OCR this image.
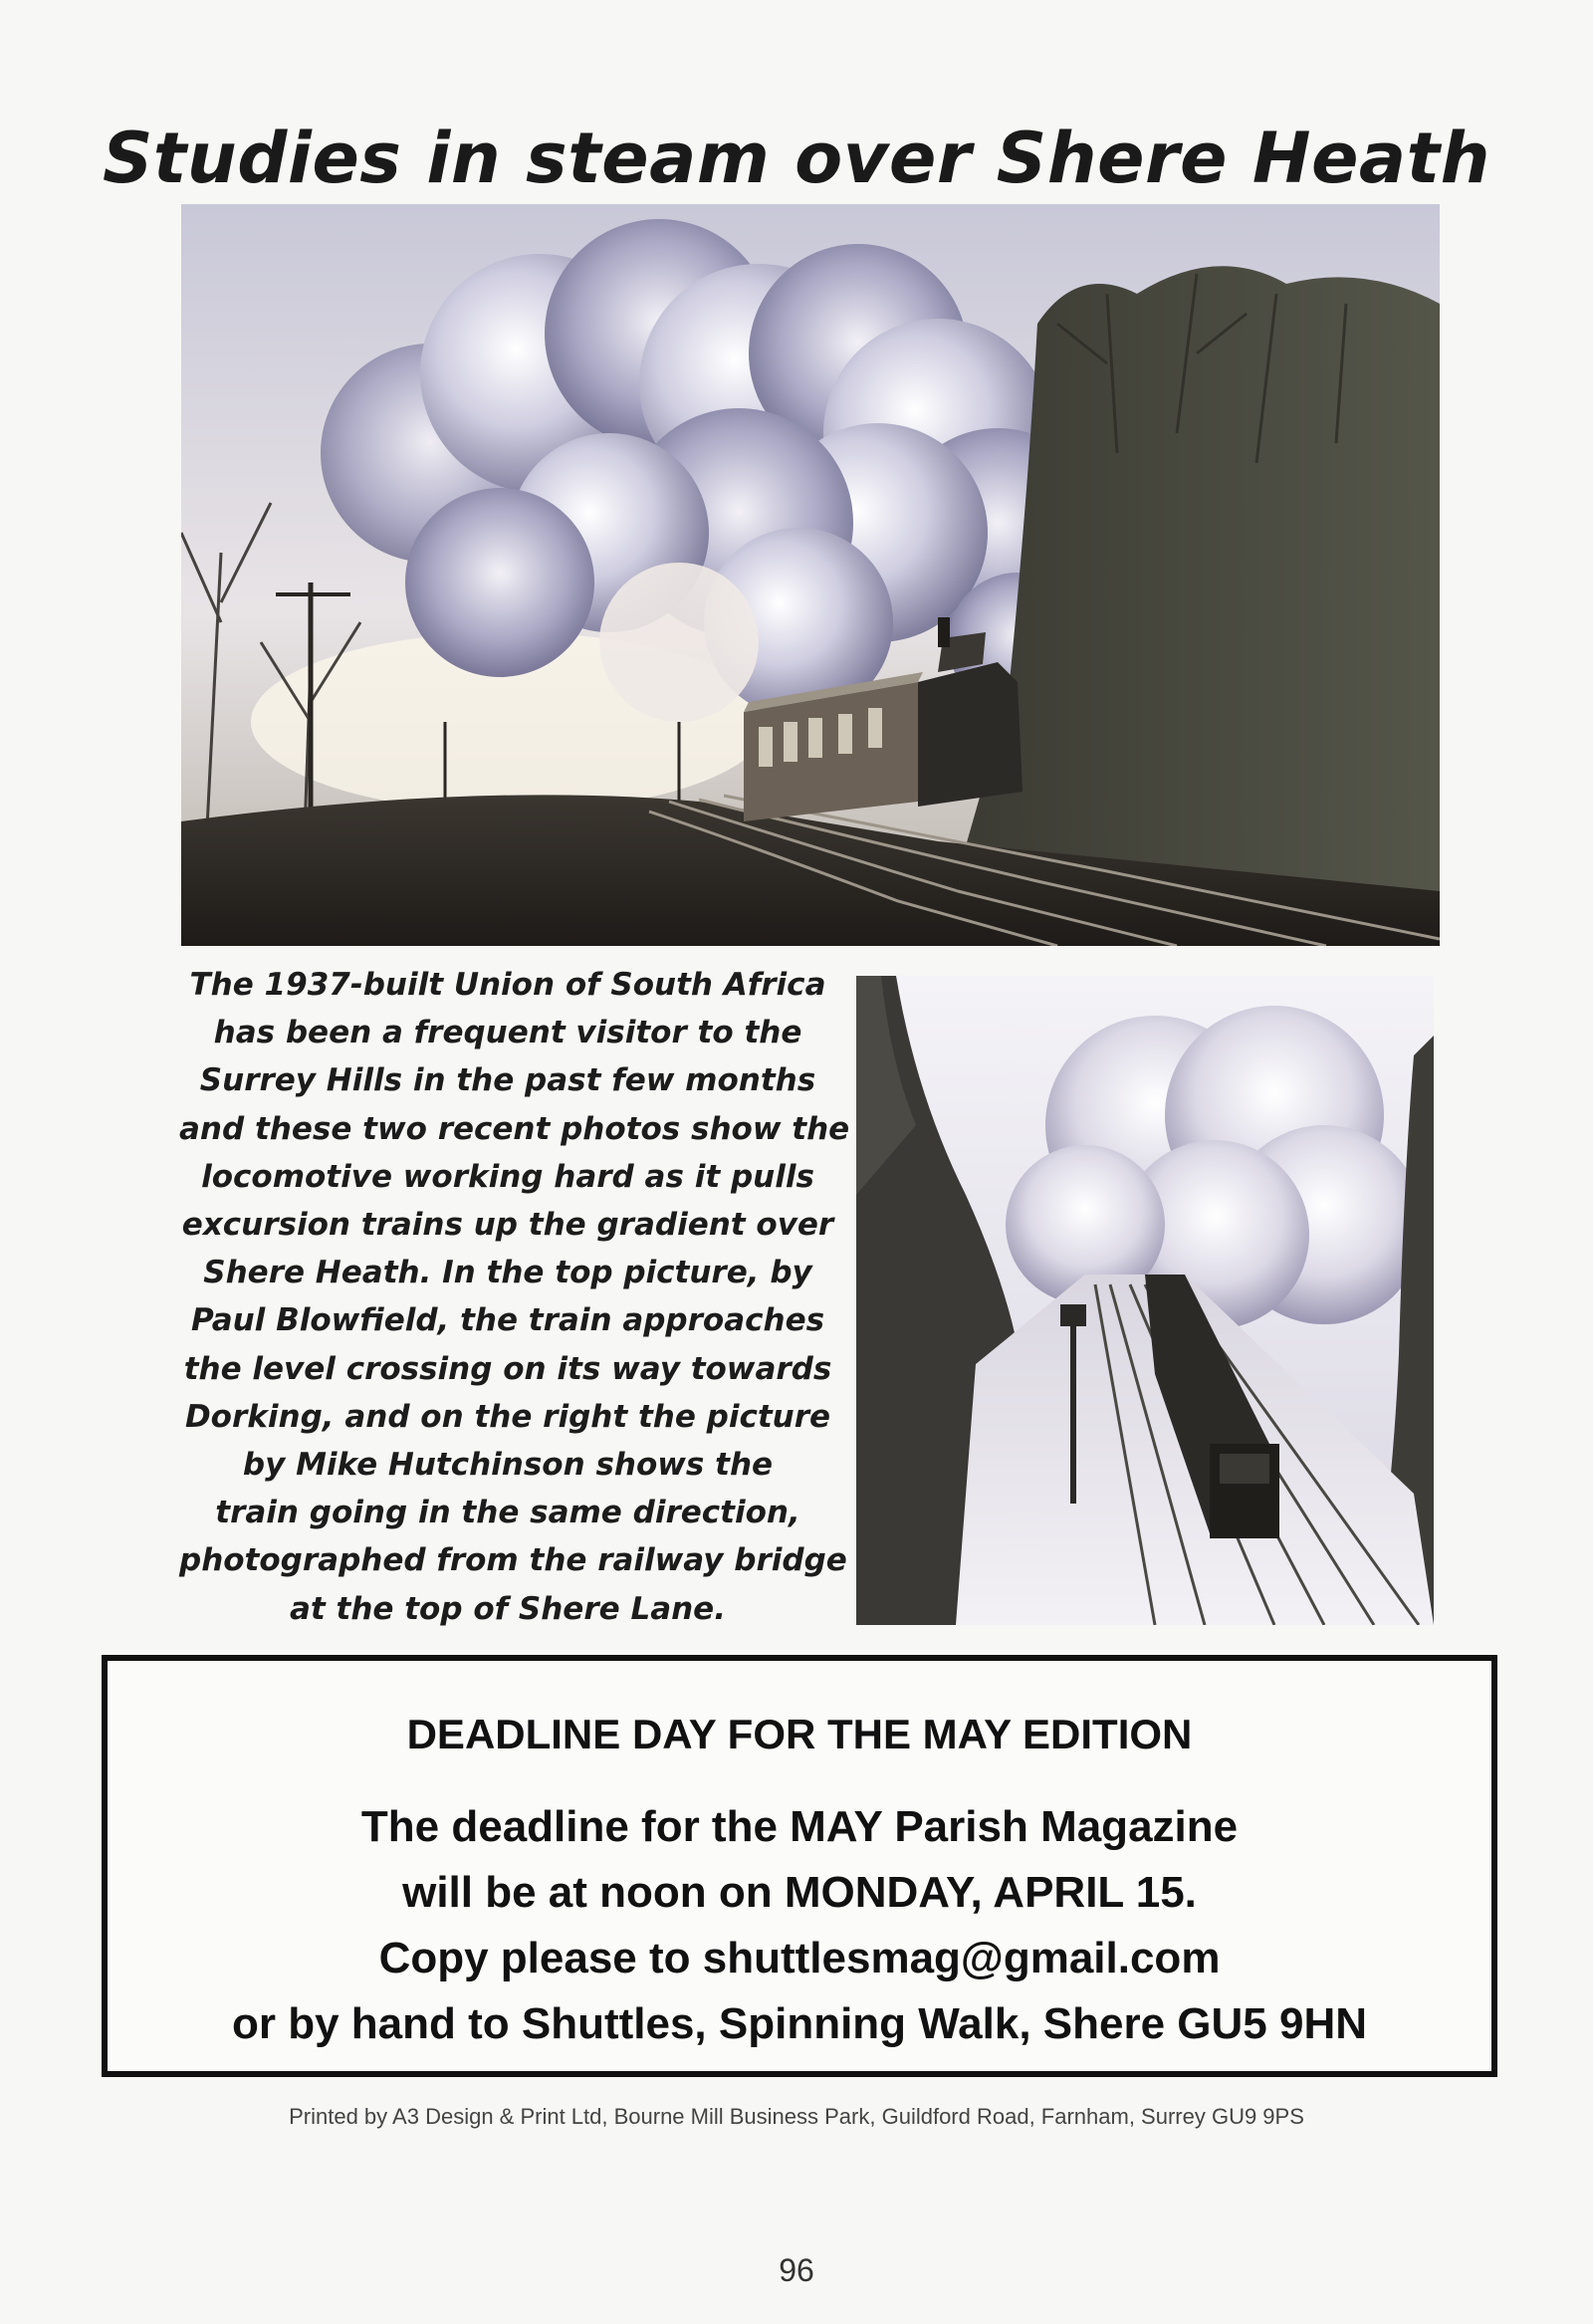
Studies in steam over Shere Heath
The 1937-built Union of South Africa
has been a frequent visitor to the
Surrey Hills in the past few months
and these two recent photos show the
locomotive working hard as it pulls
excursion trains up the gradient over
Shere Heath. In the top picture, by
Paul Blowfield, the train approaches
the level crossing on its way towards
Dorking, and on the right the picture
by Mike Hutchinson shows the
train going in the same direction,
photographed from the railway bridge
at the top of Shere Lane.
DEADLINE DAY FOR THE MAY EDITION
The deadline for the MAY Parish Magazine
will be at noon on MONDAY, APRIL 15.
Copy please to shuttlesmag@gmail.com
or by hand to Shuttles, Spinning Walk, Shere GU5 9HN
Printed by A3 Design & Print Ltd, Bourne Mill Business Park, Guildford Road, Farnham, Surrey GU9 9PS
96
